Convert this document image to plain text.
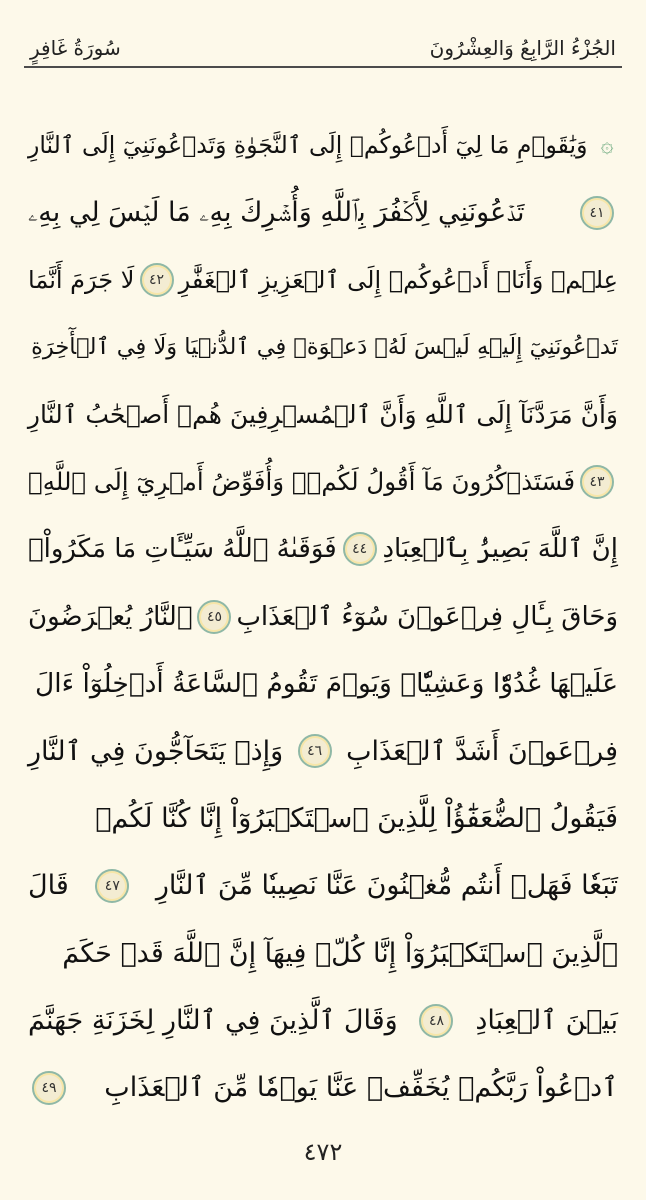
الجُزْءُ الرَّابِعُ وَالعِشْرُونَ
سُورَةُ غَافِرٍ
۞
وَيَٰقَوۡمِ مَا لِيٓ أَدۡعُوكُمۡ إِلَى ٱلنَّجَوٰةِ وَتَدۡعُونَنِيٓ إِلَى ٱلنَّارِ
٤١
تَدۡعُونَنِي لِأَكۡفُرَ بِٱللَّهِ وَأُشۡرِكَ بِهِۦ مَا لَيۡسَ لِي بِهِۦ
عِلۡمٞ وَأَنَا۠ أَدۡعُوكُمۡ إِلَى ٱلۡعَزِيزِ ٱلۡغَفَّٰرِ
٤٢
لَا جَرَمَ أَنَّمَا
تَدۡعُونَنِيٓ إِلَيۡهِ لَيۡسَ لَهُۥ دَعۡوَةٞ فِي ٱلدُّنۡيَا وَلَا فِي ٱلۡأٓخِرَةِ
وَأَنَّ مَرَدَّنَآ إِلَى ٱللَّهِ وَأَنَّ ٱلۡمُسۡرِفِينَ هُمۡ أَصۡحَٰبُ ٱلنَّارِ
٤٣
فَسَتَذۡكُرُونَ مَآ أَقُولُ لَكُمۡۚ وَأُفَوِّضُ أَمۡرِيٓ إِلَى ٱللَّهِۚ
إِنَّ ٱللَّهَ بَصِيرُۢ بِٱلۡعِبَادِ
٤٤
فَوَقَىٰهُ ٱللَّهُ سَيِّـَٔاتِ مَا مَكَرُواْۖ
وَحَاقَ بِـَٔالِ فِرۡعَوۡنَ سُوٓءُ ٱلۡعَذَابِ
٤٥
ٱلنَّارُ يُعۡرَضُونَ
عَلَيۡهَا غُدُوّٗا وَعَشِيّٗاۚ وَيَوۡمَ تَقُومُ ٱلسَّاعَةُ أَدۡخِلُوٓاْ ءَالَ
فِرۡعَوۡنَ أَشَدَّ ٱلۡعَذَابِ
٤٦
وَإِذۡ يَتَحَآجُّونَ فِي ٱلنَّارِ
فَيَقُولُ ٱلضُّعَفَٰٓؤُاْ لِلَّذِينَ ٱسۡتَكۡبَرُوٓاْ إِنَّا كُنَّا لَكُمۡ
تَبَعٗا فَهَلۡ أَنتُم مُّغۡنُونَ عَنَّا نَصِيبٗا مِّنَ ٱلنَّارِ
٤٧
قَالَ
ٱلَّذِينَ ٱسۡتَكۡبَرُوٓاْ إِنَّا كُلّٞ فِيهَآ إِنَّ ٱللَّهَ قَدۡ حَكَمَ
بَيۡنَ ٱلۡعِبَادِ
٤٨
وَقَالَ ٱلَّذِينَ فِي ٱلنَّارِ لِخَزَنَةِ جَهَنَّمَ
ٱدۡعُواْ رَبَّكُمۡ يُخَفِّفۡ عَنَّا يَوۡمٗا مِّنَ ٱلۡعَذَابِ
٤٩
٤٧٢
